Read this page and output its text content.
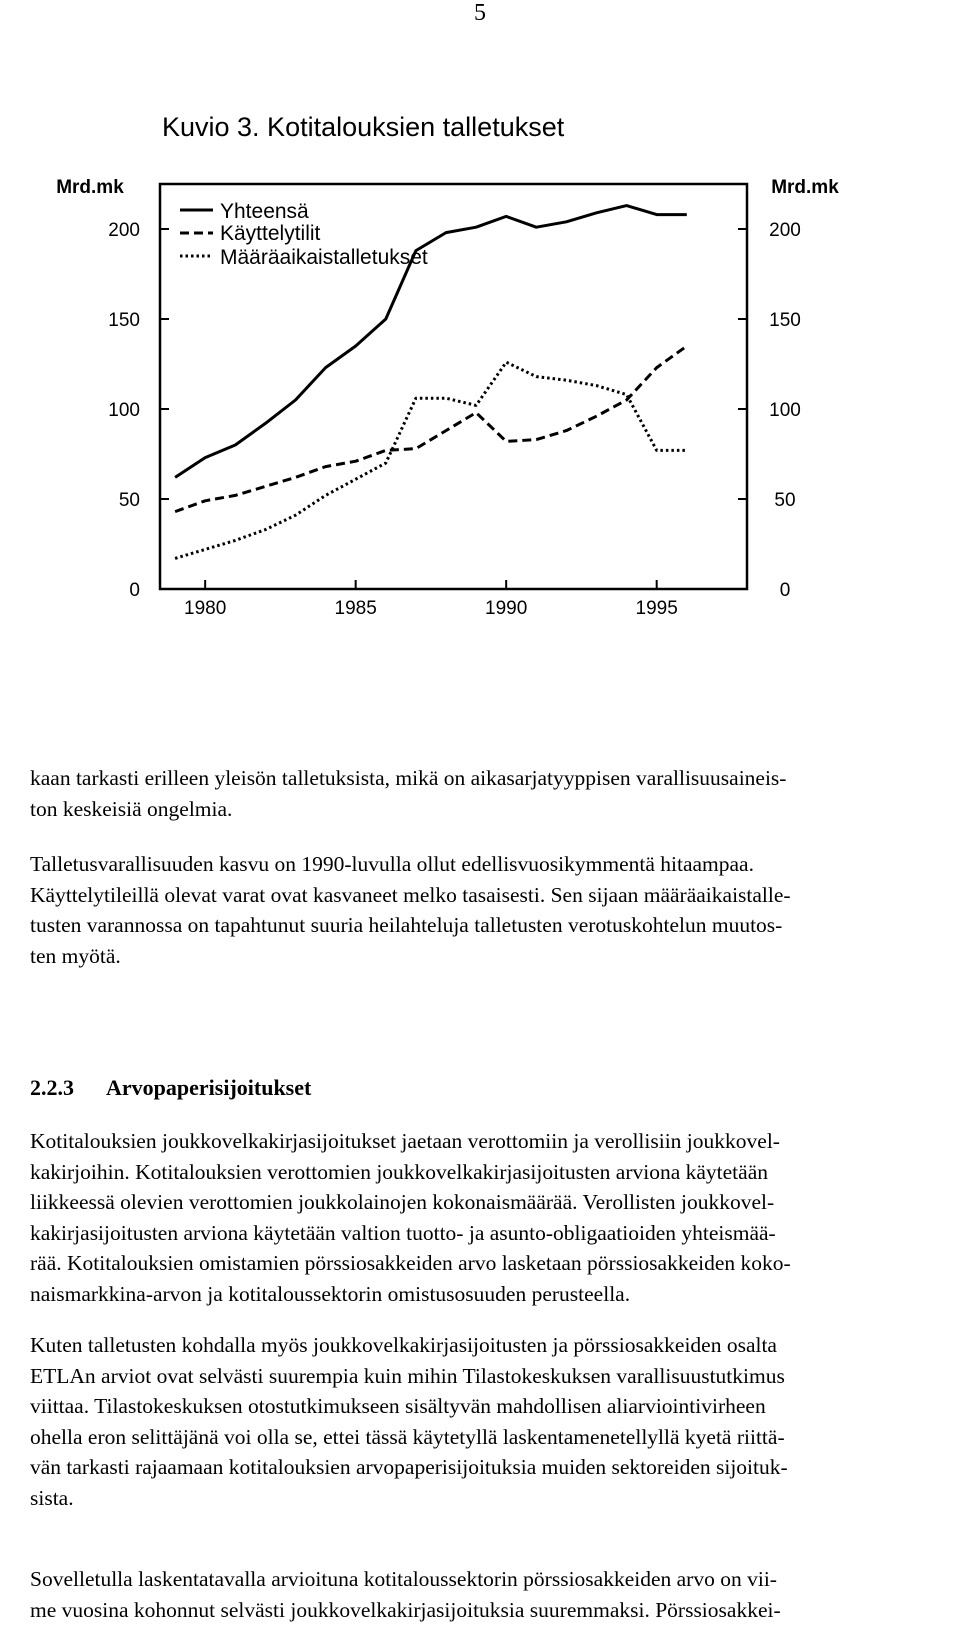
5
Kuvio 3. Kotitalouksien talletukset
Mrd.mk	Mrd.mk
0	0
50	50
100	100
150	150
200	200
1980	1985	1990	1995
Yhteensä
Käyttelytilit
Määräaikaistalletukset

kaan tarkasti erilleen yleisön talletuksista, mikä on aikasarjatyyppisen varallisuusaineis-
ton keskeisiä ongelmia.

Talletusvarallisuuden kasvu on 1990-luvulla ollut edellisvuosikymmentä hitaampaa.
Käyttelytileillä olevat varat ovat kasvaneet melko tasaisesti. Sen sijaan määräaikaistalle-
tusten varannossa on tapahtunut suuria heilahteluja talletusten verotuskohtelun muutos-
ten myötä.

2.2.3 Arvopaperisijoitukset

Kotitalouksien joukkovelkakirjasijoitukset jaetaan verottomiin ja verollisiin joukkovel-
kakirjoihin. Kotitalouksien verottomien joukkovelkakirjasijoitusten arviona käytetään
liikkeessä olevien verottomien joukkolainojen kokonaismäärää. Verollisten joukkovel-
kakirjasijoitusten arviona käytetään valtion tuotto- ja asunto-obligaatioiden yhteismää-
rää. Kotitalouksien omistamien pörssiosakkeiden arvo lasketaan pörssiosakkeiden koko-
naismarkkina-arvon ja kotitaloussektorin omistusosuuden perusteella.

Kuten talletusten kohdalla myös joukkovelkakirjasijoitusten ja pörssiosakkeiden osalta
ETLAn arviot ovat selvästi suurempia kuin mihin Tilastokeskuksen varallisuustutkimus
viittaa. Tilastokeskuksen otostutkimukseen sisältyvän mahdollisen aliarviointivirheen
ohella eron selittäjänä voi olla se, ettei tässä käytetyllä laskentamenetellyllä kyetä riittä-
vän tarkasti rajaamaan kotitalouksien arvopaperisijoituksia muiden sektoreiden sijoituk-
sista.

Sovelletulla laskentatavalla arvioituna kotitaloussektorin pörssiosakkeiden arvo on vii-
me vuosina kohonnut selvästi joukkovelkakirjasijoituksia suuremmaksi. Pörssiosakkei-
